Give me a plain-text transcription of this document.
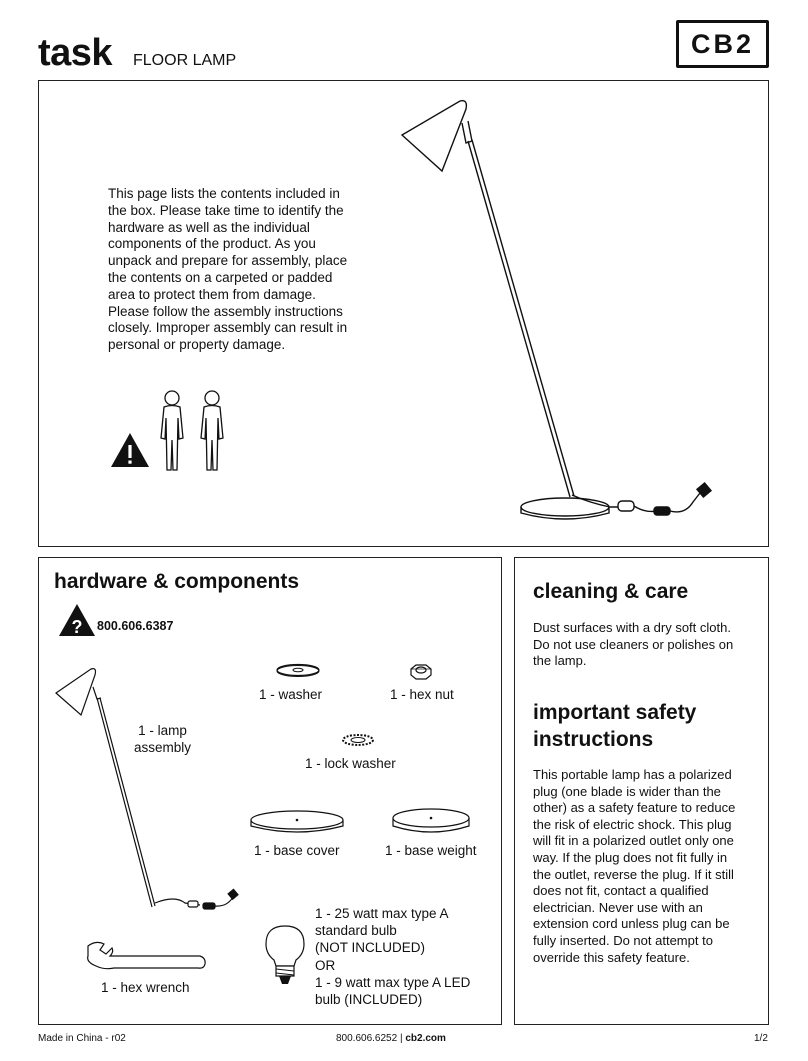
task FLOOR LAMP
CB2
This page lists the contents included in the box. Please take time to identify the hardware as well as the individual components of the product. As you unpack and prepare for assembly, place the contents on a carpeted or padded area to protect them from damage. Please follow the assembly instructions closely. Improper assembly can result in personal or property damage.
hardware & components
? 800.606.6387
1 - lamp
assembly
1 - washer	1 - hex nut
1 - lock washer
1 - base cover	1 - base weight
1 - hex wrench
1 - 25 watt max type A
standard bulb
(NOT INCLUDED)
OR
1 - 9 watt max type A LED
bulb (INCLUDED)
cleaning & care
Dust surfaces with a dry soft cloth. Do not use cleaners or polishes on the lamp.
important safety instructions
This portable lamp has a polarized plug (one blade is wider than the other) as a safety feature to reduce the risk of electric shock. This plug will fit in a polarized outlet only one way. If the plug does not fit fully in the outlet, reverse the plug. If it still does not fit, contact a qualified electrician. Never use with an extension cord unless plug can be fully inserted. Do not attempt to override this safety feature.
Made in China - r02	800.606.6252 | cb2.com	1/2
